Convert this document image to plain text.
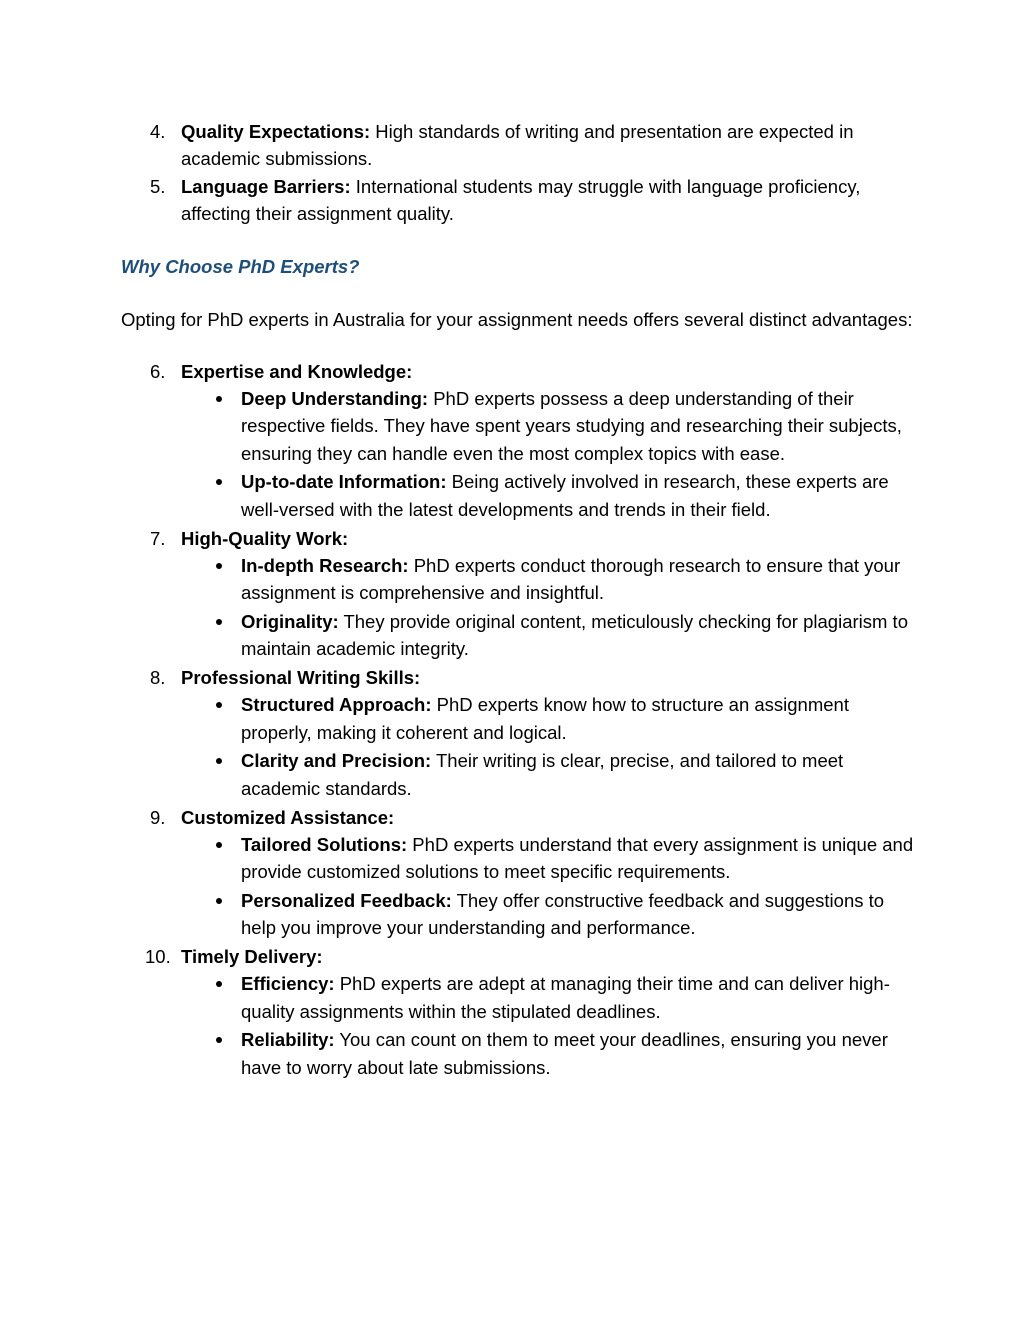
4. Quality Expectations: High standards of writing and presentation are expected in academic submissions.
5. Language Barriers: International students may struggle with language proficiency, affecting their assignment quality.
Why Choose PhD Experts?
Opting for PhD experts in Australia for your assignment needs offers several distinct advantages:
6. Expertise and Knowledge:
Deep Understanding: PhD experts possess a deep understanding of their respective fields. They have spent years studying and researching their subjects, ensuring they can handle even the most complex topics with ease.
Up-to-date Information: Being actively involved in research, these experts are well-versed with the latest developments and trends in their field.
7. High-Quality Work:
In-depth Research: PhD experts conduct thorough research to ensure that your assignment is comprehensive and insightful.
Originality: They provide original content, meticulously checking for plagiarism to maintain academic integrity.
8. Professional Writing Skills:
Structured Approach: PhD experts know how to structure an assignment properly, making it coherent and logical.
Clarity and Precision: Their writing is clear, precise, and tailored to meet academic standards.
9. Customized Assistance:
Tailored Solutions: PhD experts understand that every assignment is unique and provide customized solutions to meet specific requirements.
Personalized Feedback: They offer constructive feedback and suggestions to help you improve your understanding and performance.
10. Timely Delivery:
Efficiency: PhD experts are adept at managing their time and can deliver high-quality assignments within the stipulated deadlines.
Reliability: You can count on them to meet your deadlines, ensuring you never have to worry about late submissions.
